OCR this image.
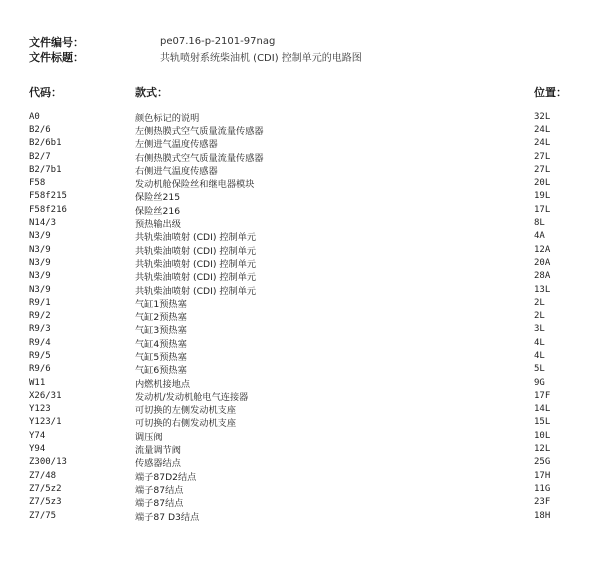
文件编号：	pe07.16-p-2101-97nag
文件标题：	共轨喷射系统柴油机 (CDI) 控制单元的电路图
代码：	款式：	位置：
A0	颜色标记的说明	32L
B2/6	左侧热膜式空气质量流量传感器	24L
B2/6b1	左侧进气温度传感器	24L
B2/7	右侧热膜式空气质量流量传感器	27L
B2/7b1	右侧进气温度传感器	27L
F58	发动机舱保险丝和继电器模块	20L
F58f215	保险丝215	19L
F58f216	保险丝216	17L
N14/3	预热输出级	8L
N3/9	共轨柴油喷射 (CDI) 控制单元	4A
N3/9	共轨柴油喷射 (CDI) 控制单元	12A
N3/9	共轨柴油喷射 (CDI) 控制单元	20A
N3/9	共轨柴油喷射 (CDI) 控制单元	28A
N3/9	共轨柴油喷射 (CDI) 控制单元	13L
R9/1	气缸1预热塞	2L
R9/2	气缸2预热塞	2L
R9/3	气缸3预热塞	3L
R9/4	气缸4预热塞	4L
R9/5	气缸5预热塞	4L
R9/6	气缸6预热塞	5L
W11	内燃机接地点	9G
X26/31	发动机/发动机舱电气连接器	17F
Y123	可切换的左侧发动机支座	14L
Y123/1	可切换的右侧发动机支座	15L
Y74	调压阀	10L
Y94	流量调节阀	12L
Z300/13	传感器结点	25G
Z7/48	端子87D2结点	17H
Z7/5z2	端子87结点	11G
Z7/5z3	端子87结点	23F
Z7/75	端子87 D3结点	18H
